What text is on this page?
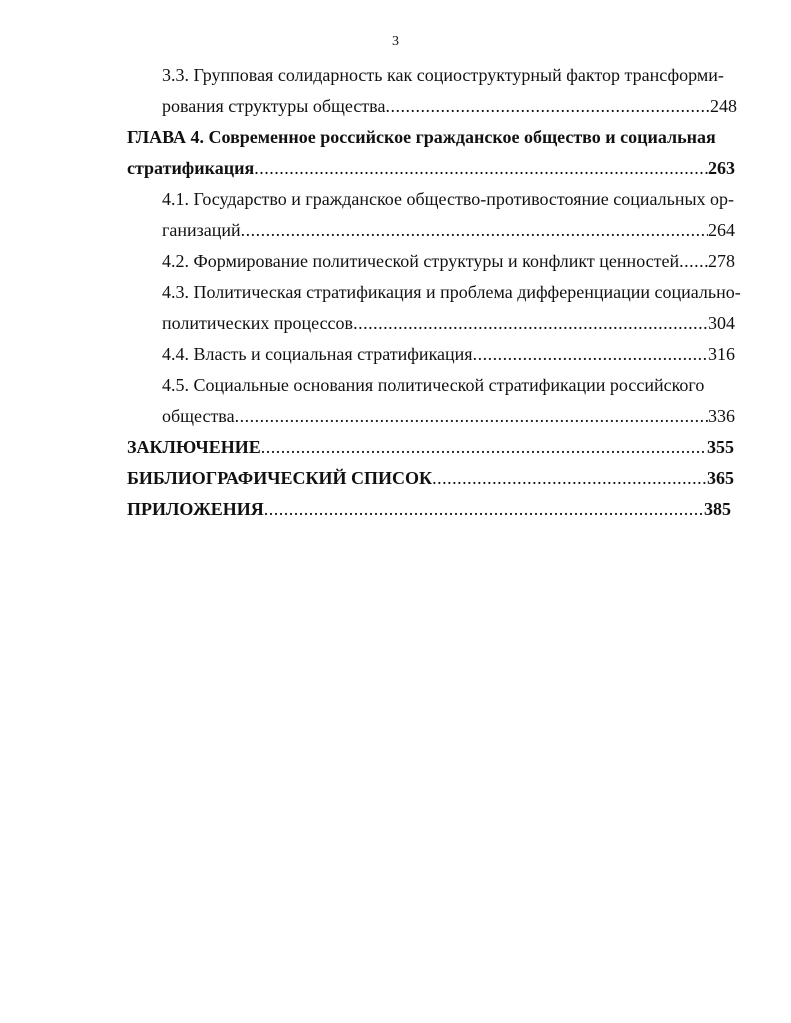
3
3.3. Групповая солидарность как социоструктурный фактор трансформи-
рования структуры общества .....	248
ГЛАВА 4. Современное российское гражданское общество и социальная
стратификация .....	263
4.1. Государство и гражданское общество-противостояние социальных ор-
ганизаций .....	264
4.2. Формирование политической структуры и конфликт ценностей ..... 278
4.3. Политическая стратификация и проблема дифференциации социально-
политических процессов .....	304
4.4. Власть и социальная стратификация .....	316
4.5. Социальные основания политической стратификации российского
общества .....	336
ЗАКЛЮЧЕНИЕ .....	355
БИБЛИОГРАФИЧЕСКИЙ СПИСОК .....	365
ПРИЛОЖЕНИЯ .....	385
